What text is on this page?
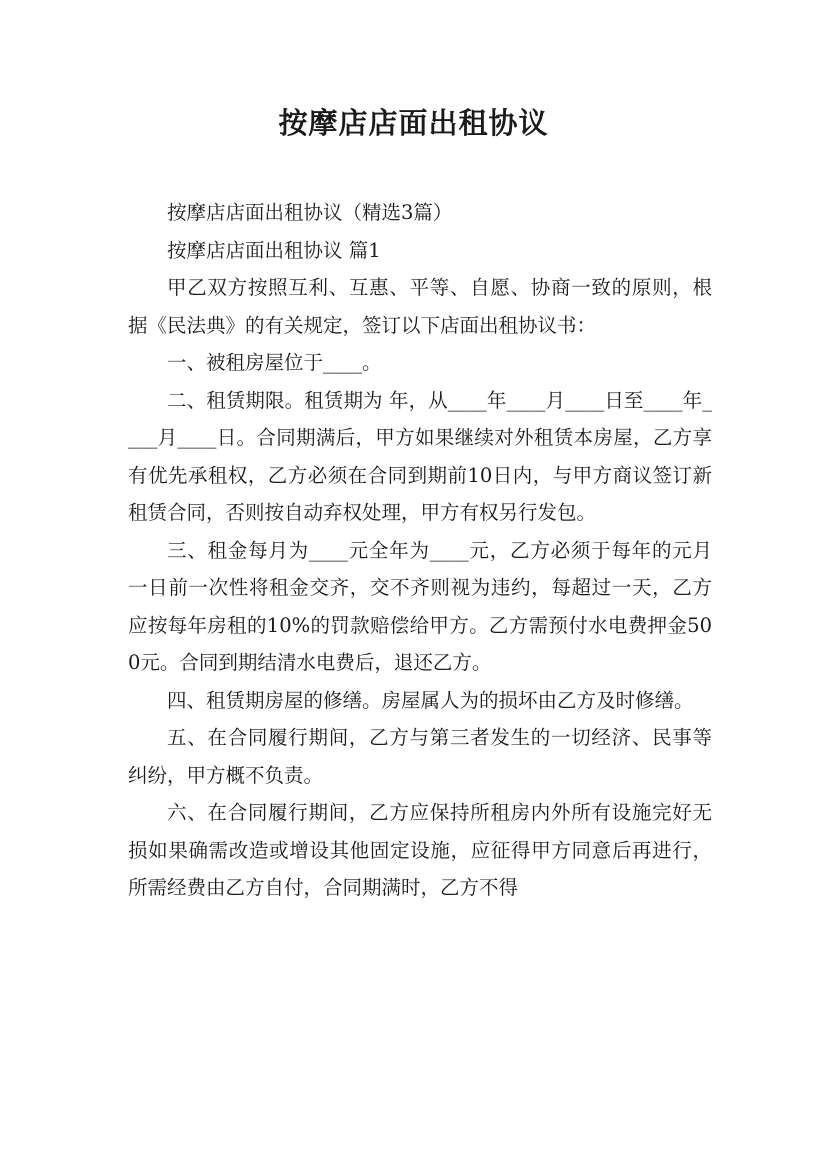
按摩店店面出租协议

按摩店店面出租协议（精选3篇）

按摩店店面出租协议 篇1

甲乙双方按照互利、互惠、平等、自愿、协商一致的原则，根据《民法典》的有关规定，签订以下店面出租协议书：

一、被租房屋位于____。

二、租赁期限。租赁期为 年，从____年____月____日至____年____月____日。合同期满后，甲方如果继续对外租赁本房屋，乙方享有优先承租权，乙方必须在合同到期前10日内，与甲方商议签订新租赁合同，否则按自动弃权处理，甲方有权另行发包。

三、租金每月为____元全年为____元，乙方必须于每年的元月一日前一次性将租金交齐，交不齐则视为违约，每超过一天，乙方应按每年房租的10%的罚款赔偿给甲方。乙方需预付水电费押金500元。合同到期结清水电费后，退还乙方。

四、租赁期房屋的修缮。房屋属人为的损坏由乙方及时修缮。

五、在合同履行期间，乙方与第三者发生的一切经济、民事等纠纷，甲方概不负责。

六、在合同履行期间，乙方应保持所租房内外所有设施完好无损如果确需改造或增设其他固定设施，应征得甲方同意后再进行，所需经费由乙方自付，合同期满时，乙方不得
